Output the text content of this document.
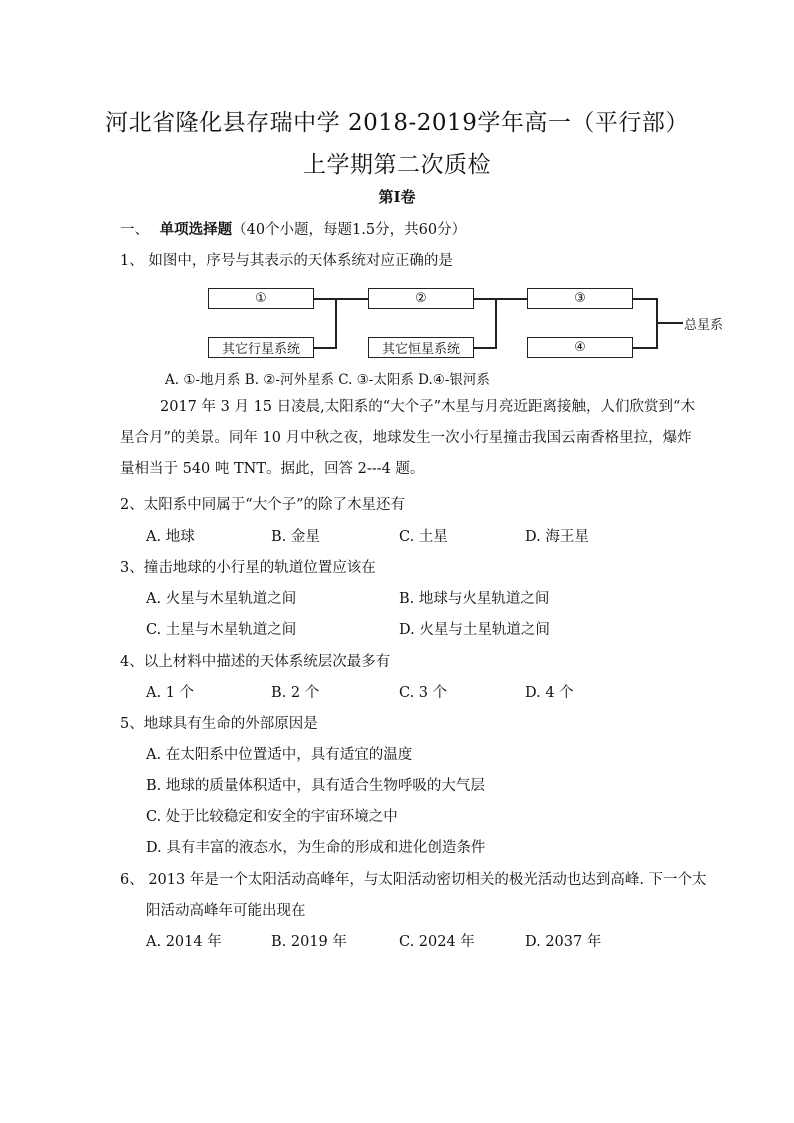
河北省隆化县存瑞中学 2018-2019学年高一（平行部）
上学期第二次质检
第I卷
一、 单项选择题（40个小题，每题1.5分，共60分）
1、 如图中，序号与其表示的天体系统对应正确的是
①	②	③
其它行星系统	其它恒星系统	④
总星系
A. ①-地月系 B. ②-河外星系 C. ③-太阳系 D.④-银河系
2017 年 3 月 15 日凌晨,太阳系的“大个子”木星与月亮近距离接触，人们欣赏到“木
星合月”的美景。同年 10 月中秋之夜，地球发生一次小行星撞击我国云南香格里拉，爆炸
量相当于 540 吨 TNT。据此，回答 2---4 题。
2、太阳系中同属于“大个子”的除了木星还有
A. 地球	B. 金星	C. 土星	D. 海王星
3、撞击地球的小行星的轨道位置应该在
A. 火星与木星轨道之间	B. 地球与火星轨道之间
C. 土星与木星轨道之间	D. 火星与土星轨道之间
4、以上材料中描述的天体系统层次最多有
A. 1 个	B. 2 个	C. 3 个	D. 4 个
5、地球具有生命的外部原因是
A. 在太阳系中位置适中，具有适宜的温度
B. 地球的质量体积适中，具有适合生物呼吸的大气层
C. 处于比较稳定和安全的宇宙环境之中
D. 具有丰富的液态水，为生命的形成和进化创造条件
6、 2013 年是一个太阳活动高峰年，与太阳活动密切相关的极光活动也达到高峰. 下一个太
阳活动高峰年可能出现在
A. 2014 年	B. 2019 年	C. 2024 年	D. 2037 年
